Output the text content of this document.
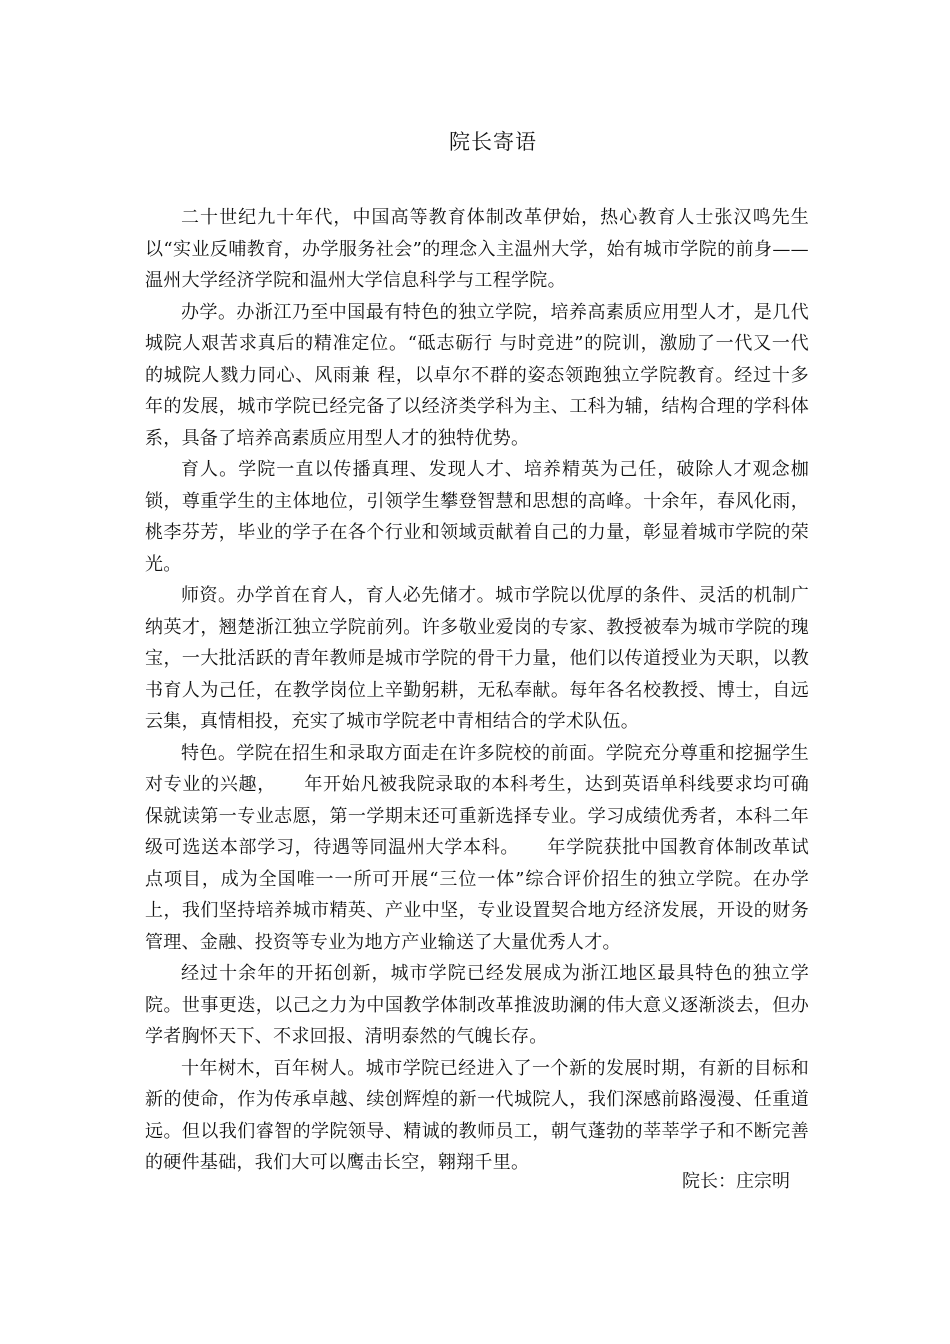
院长寄语

二十世纪九十年代，中国高等教育体制改革伊始，热心教育人士张汉鸣先生以“实业反哺教育，办学服务社会”的理念入主温州大学，始有城市学院的前身——温州大学经济学院和温州大学信息科学与工程学院。

办学。办浙江乃至中国最有特色的独立学院，培养高素质应用型人才，是几代城院人艰苦求真后的精准定位。“砥志砺行 与时竞进”的院训，激励了一代又一代的城院人戮力同心、风雨兼 程，以卓尔不群的姿态领跑独立学院教育。经过十多年的发展，城市学院已经完备了以经济类学科为主、工科为辅，结构合理的学科体系，具备了培养高素质应用型人才的独特优势。

育人。学院一直以传播真理、发现人才、培养精英为己任，破除人才观念枷锁，尊重学生的主体地位，引领学生攀登智慧和思想的高峰。十余年，春风化雨，桃李芬芳，毕业的学子在各个行业和领域贡献着自己的力量，彰显着城市学院的荣光。

师资。办学首在育人，育人必先储才。城市学院以优厚的条件、灵活的机制广纳英才，翘楚浙江独立学院前列。许多敬业爱岗的专家、教授被奉为城市学院的瑰宝，一大批活跃的青年教师是城市学院的骨干力量，他们以传道授业为天职，以教书育人为己任，在教学岗位上辛勤躬耕，无私奉献。每年各名校教授、博士，自远云集，真情相投，充实了城市学院老中青相结合的学术队伍。

特色。学院在招生和录取方面走在许多院校的前面。学院充分尊重和挖掘学生对专业的兴趣，　　年开始凡被我院录取的本科考生，达到英语单科线要求均可确保就读第一专业志愿，第一学期末还可重新选择专业。学习成绩优秀者，本科二年级可选送本部学习，待遇等同温州大学本科。　　年学院获批中国教育体制改革试点项目，成为全国唯一一所可开展“三位一体”综合评价招生的独立学院。在办学上，我们坚持培养城市精英、产业中坚，专业设置契合地方经济发展，开设的财务管理、金融、投资等专业为地方产业输送了大量优秀人才。

经过十余年的开拓创新，城市学院已经发展成为浙江地区最具特色的独立学院。世事更迭，以己之力为中国教学体制改革推波助澜的伟大意义逐渐淡去，但办学者胸怀天下、不求回报、清明泰然的气魄长存。

十年树木，百年树人。城市学院已经进入了一个新的发展时期，有新的目标和新的使命，作为传承卓越、续创辉煌的新一代城院人，我们深感前路漫漫、任重道远。但以我们睿智的学院领导、精诚的教师员工，朝气蓬勃的莘莘学子和不断完善的硬件基础，我们大可以鹰击长空，翱翔千里。

院长：庄宗明
